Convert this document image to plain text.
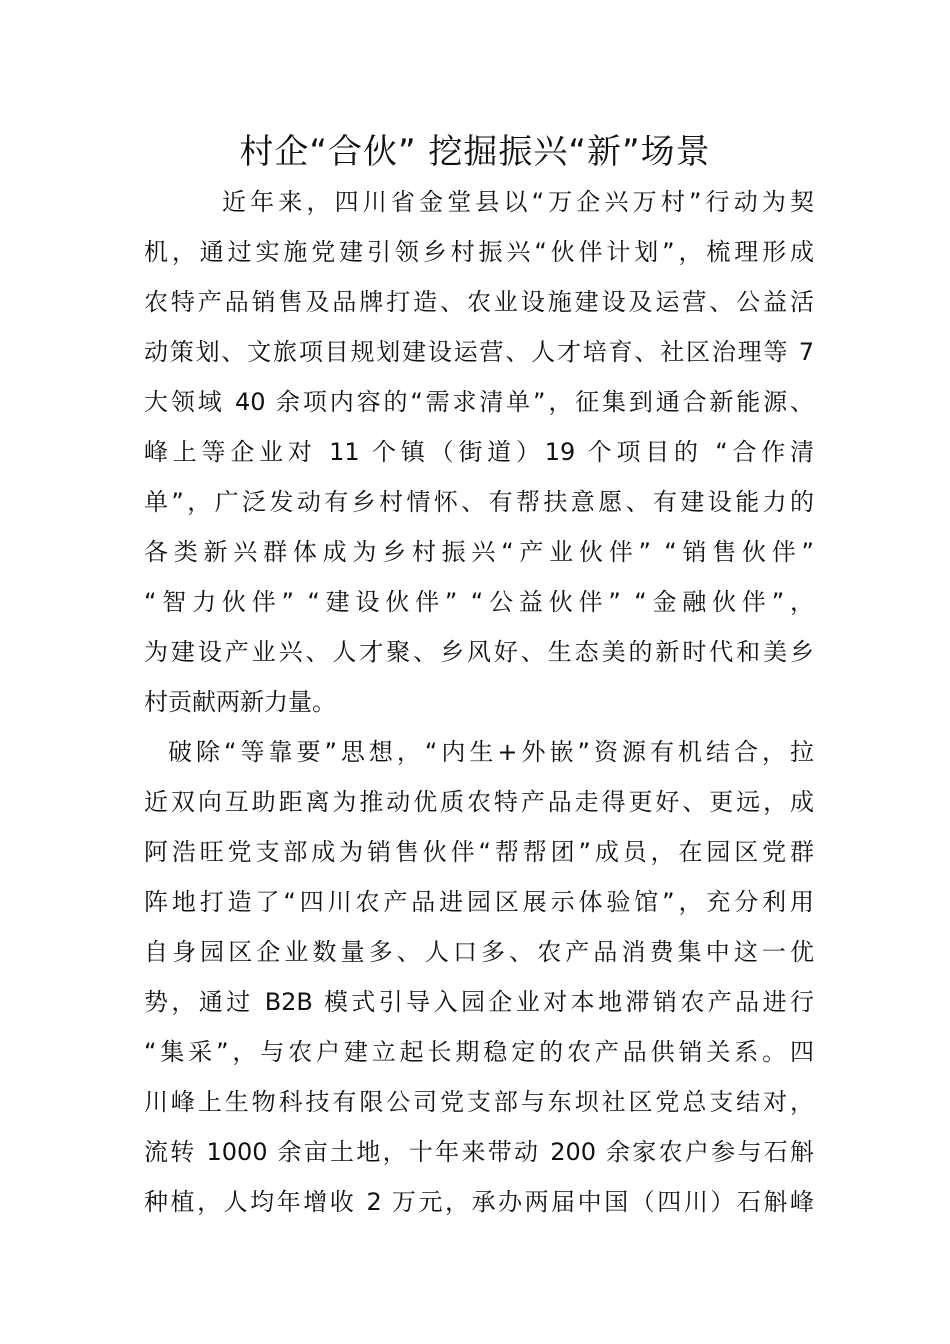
村企“合伙” 挖掘振兴“新”场景
近年来，四川省金堂县以“万企兴万村”行动为契
机，通过实施党建引领乡村振兴“伙伴计划”，梳理形成
农特产品销售及品牌打造、农业设施建设及运营、公益活
动策划、文旅项目规划建设运营、人才培育、社区治理等 7
大领域 40 余项内容的“需求清单”，征集到通合新能源、
峰上等企业对 11 个镇（街道）19 个项目的 “合作清
单”，广泛发动有乡村情怀、有帮扶意愿、有建设能力的
各类新兴群体成为乡村振兴“产业伙伴” “销售伙伴”
“智力伙伴” “建设伙伴” “公益伙伴” “金融伙伴”，
为建设产业兴、人才聚、乡风好、生态美的新时代和美乡
村贡献两新力量。
破除“等靠要”思想，“内生+外嵌”资源有机结合，拉
近双向互助距离为推动优质农特产品走得更好、更远，成
阿浩旺党支部成为销售伙伴“帮帮团”成员，在园区党群
阵地打造了“四川农产品进园区展示体验馆”，充分利用
自身园区企业数量多、人口多、农产品消费集中这一优
势，通过 B2B 模式引导入园企业对本地滞销农产品进行
“集采”，与农户建立起长期稳定的农产品供销关系。四
川峰上生物科技有限公司党支部与东坝社区党总支结对，
流转 1000 余亩土地，十年来带动 200 余家农户参与石斛
种植，人均年增收 2 万元，承办两届中国（四川）石斛峰
